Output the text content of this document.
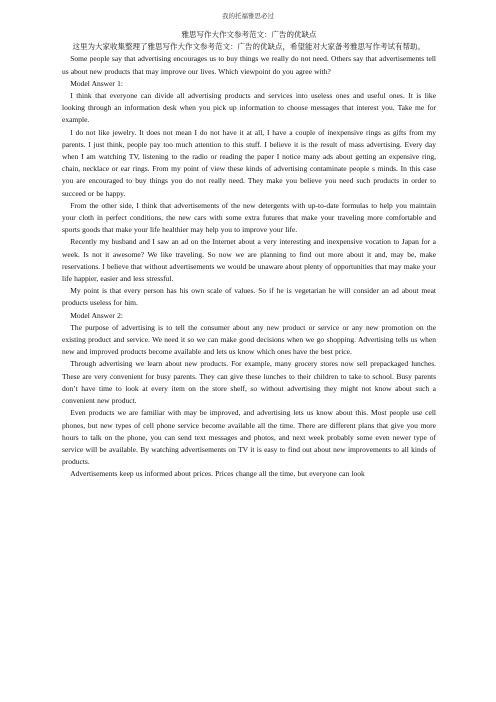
我的托福雅思必过
雅思写作大作文参考范文：广告的优缺点

这里为大家收集整理了雅思写作大作文参考范文：广告的优缺点，希望能对大家备考雅思写作考试有帮助。

Some people say that advertising encourages us to buy things we really do not need. Others say that advertisements tell us about new products that may improve our lives. Which viewpoint do you agree with?

Model Answer 1:

I think that everyone can divide all advertising products and services into useless ones and useful ones. It is like looking through an information desk when you pick up information to choose messages that interest you. Take me for example.

I do not like jewelry. It does not mean I do not have it at all, I have a couple of inexpensive rings as gifts from my parents. I just think, people pay too much attention to this stuff. I believe it is the result of mass advertising. Every day when I am watching TV, listening to the radio or reading the paper I notice many ads about getting an expensive ring, chain, necklace or ear rings. From my point of view these kinds of advertising contaminate people s minds. In this case you are encouraged to buy things you do not really need. They make you believe you need such products in order to succeed or be happy.

From the other side, I think that advertisements of the new detergents with up-to-date formulas to help you maintain your cloth in perfect conditions, the new cars with some extra futures that make your traveling more comfortable and sports goods that make your life healthier may help you to improve your life.

Recently my husband and I saw an ad on the Internet about a very interesting and inexpensive vocation to Japan for a week. Is not it awesome? We like traveling. So now we are planning to find out more about it and, may be, make reservations. I believe that without advertisements we would be unaware about plenty of opportunities that may make your life happier, easier and less stressful.

My point is that every person has his own scale of values. So if he is vegetarian he will consider an ad about meat products useless for him.

Model Answer 2:

The purpose of advertising is to tell the consumer about any new product or service or any new promotion on the existing product and service. We need it so we can make good decisions when we go shopping. Advertising tells us when new and improved products become available and lets us know which ones have the best price.

Through advertising we learn about new products. For example, many grocery stores now sell prepackaged lunches. These are very convenient for busy parents. They can give these lunches to their children to take to school. Busy parents don’t have time to look at every item on the store shelf, so without advertising they might not know about such a convenient new product.

Even products we are familiar with may be improved, and advertising lets us know about this. Most people use cell phones, but new types of cell phone service become available all the time. There are different plans that give you more hours to talk on the phone, you can send text messages and photos, and next week probably some even newer type of service will be available. By watching advertisements on TV it is easy to find out about new improvements to all kinds of products.

Advertisements keep us informed about prices. Prices change all the time, but everyone can look
